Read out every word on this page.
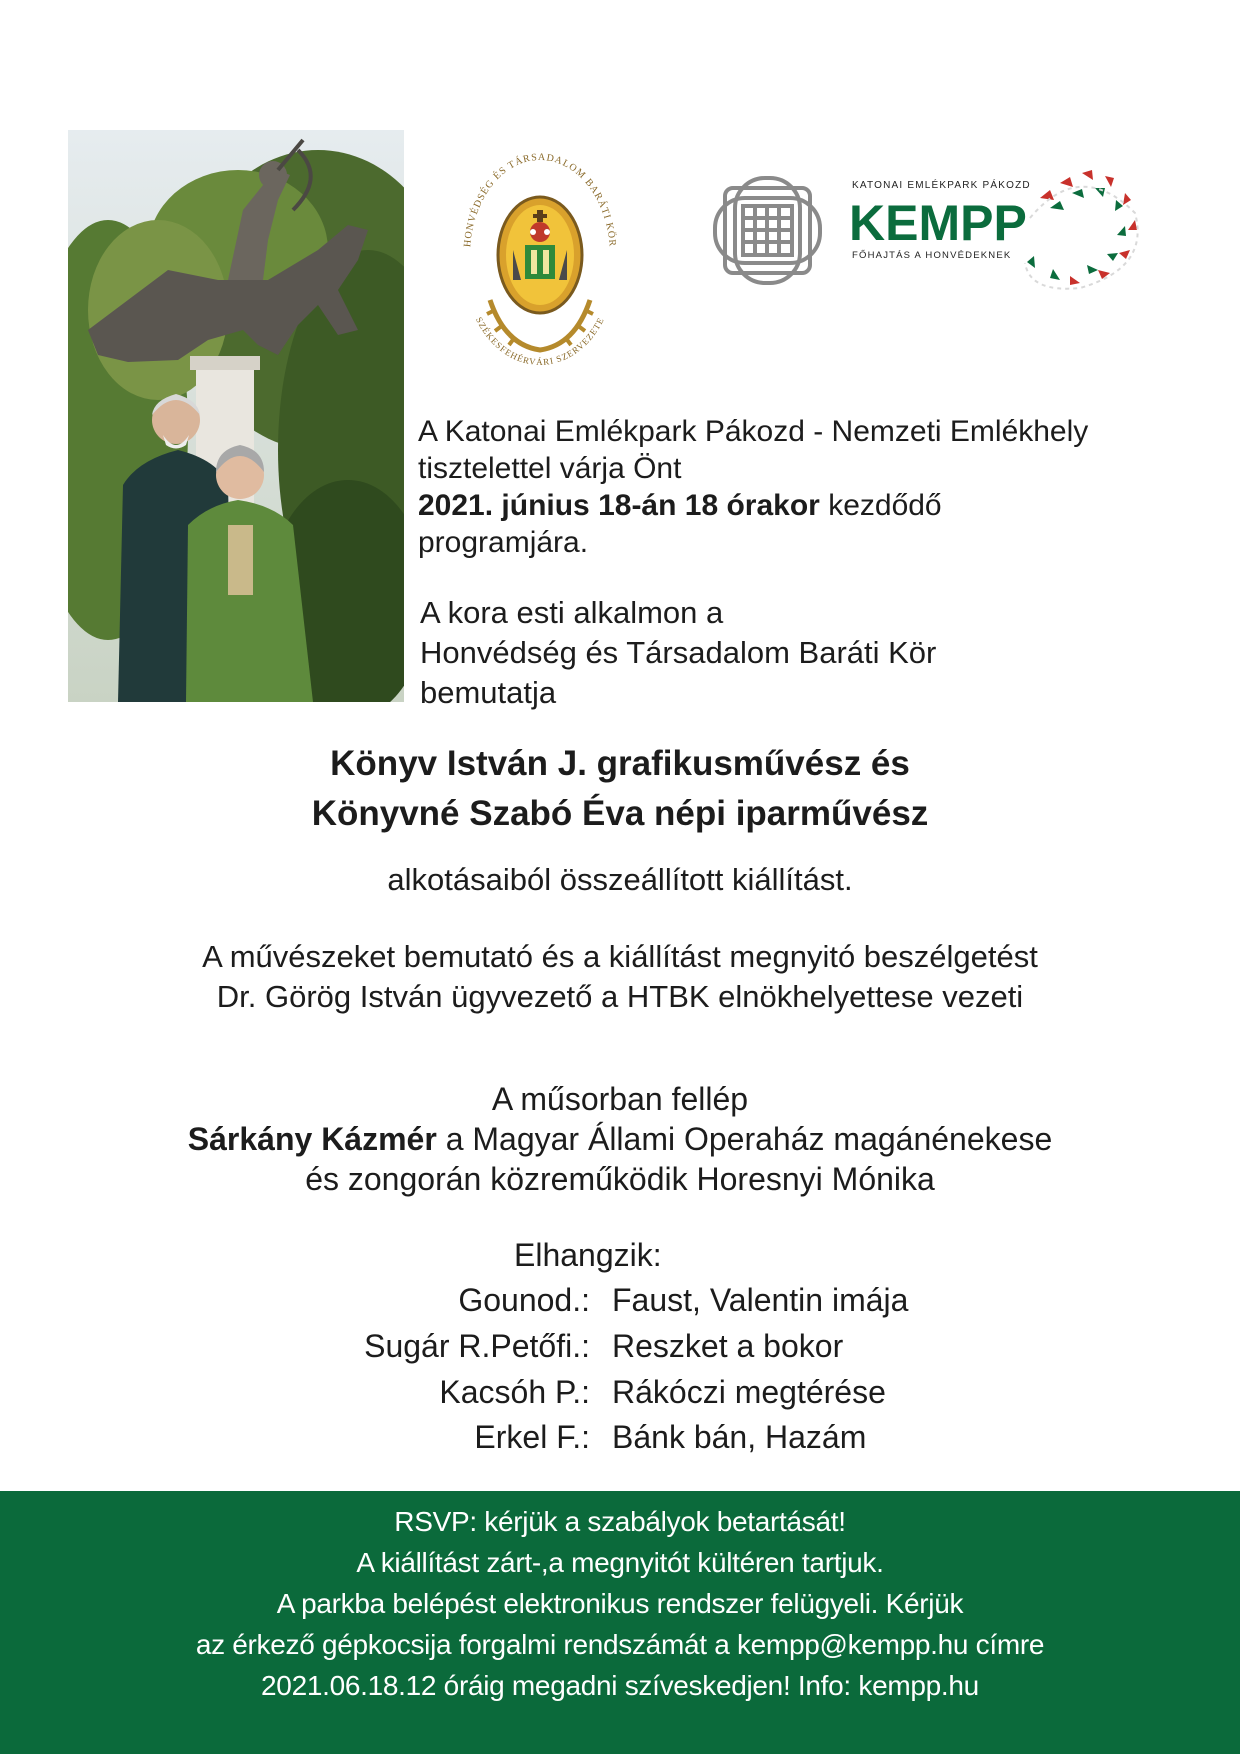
HONVÉDSÉG ÉS TÁRSADALOM BARÁTI KÖR
SZÉKESFEHÉRVÁRI SZERVEZETE
KATONAI EMLÉKPARK PÁKOZD
KEMPP
FŐHAJTÁS A HONVÉDEKNEK
A Katonai Emlékpark Pákozd - Nemzeti Emlékhely
tisztelettel várja Önt
2021. június 18-án 18 órakor kezdődő
programjára.
A kora esti alkalmon a
Honvédség és Társadalom Baráti Kör
bemutatja
Könyv István J. grafikusművész és
Könyvné Szabó Éva népi iparművész
alkotásaiból összeállított kiállítást.
A művészeket bemutató és a kiállítást megnyitó beszélgetést
Dr. Görög István ügyvezető a HTBK elnökhelyettese vezeti
A műsorban fellép
Sárkány Kázmér a Magyar Állami Operaház magánénekese
és zongorán közreműködik Horesnyi Mónika
Elhangzik:
Gounod.: Faust, Valentin imája
Sugár R.Petőfi.: Reszket a bokor
Kacsóh P.: Rákóczi megtérése
Erkel F.: Bánk bán, Hazám
RSVP: kérjük a szabályok betartását!
A kiállítást zárt-,a megnyitót kültéren tartjuk.
A parkba belépést elektronikus rendszer felügyeli. Kérjük
az érkező gépkocsija forgalmi rendszámát a kempp@kempp.hu címre
2021.06.18.12 óráig megadni szíveskedjen! Info: kempp.hu
